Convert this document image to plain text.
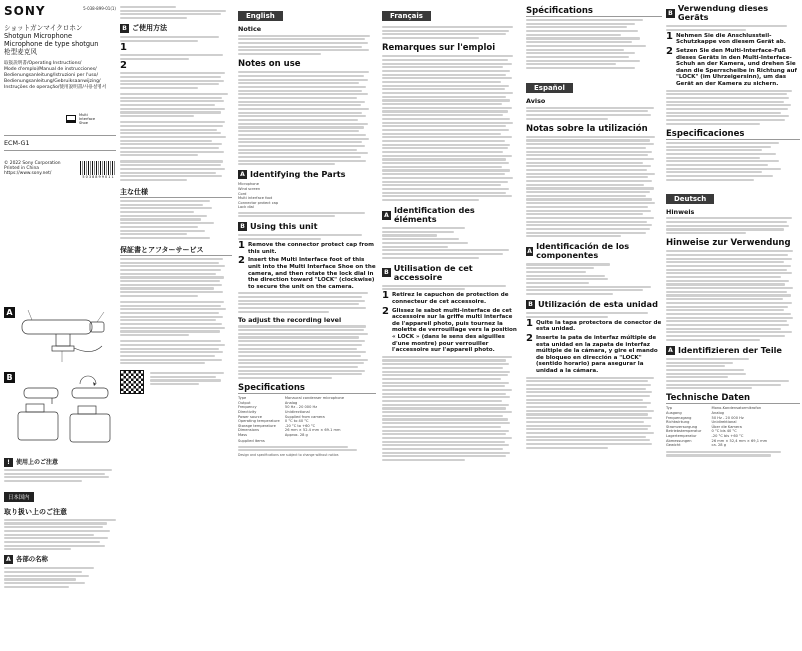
SONY	5-038-899-01(1)
ショットガンマイクロホン
Shotgun Microphone
Microphone de type shotgun
枪型麦克风
取扱説明書/Operating Instructions/
Mode d'emploi/Manual de instrucciones/
Bedienungsanleitung/Istruzioni per l'uso/
Bedienungsanleitung/Gebruiksaanwijzing/
Instruções de operação/使用說明書/사용설명서
Multi Interface Shoe
ECM-G1
© 2022 Sony Corporation
Printed in China
https://www.sony.net/
5 0 3 8 8 9 9 0 1 1
A
B
!	使用上のご注意
日本国内
取り扱い上のご注意
A 各部の名称
B ご使用方法
1
2
主な仕様
保証書とアフターサービス
English
Notice
Notes on use
A Identifying the Parts
Microphone
Wind screen
Cord
Multi interface foot
Connector protect cap
Lock dial
B Using this unit
1 Remove the connector protect cap from this unit.
2 Insert the Multi Interface foot of this unit into the Multi Interface Shoe on the camera, and then rotate the lock dial in the direction toward "LOCK" (clockwise) to secure the unit on the camera.
To adjust the recording level
Specifications
Type	Monaural condenser microphone
Output	Analog
Frequency	50 Hz - 20 000 Hz
Directivity	Unidirectional
Power source	Supplied from camera
Operating temperature	0 °C to 40 °C
Storage temperature	-20 °C to +60 °C
Dimensions	26 mm × 52.4 mm × 69.1 mm
Mass	Approx. 28 g
Supplied items
Design and specifications are subject to change without notice.
Français
Remarques sur l'emploi
A Identification des éléments
B Utilisation de cet accessoire
1 Retirez le capuchon de protection de connecteur de cet accessoire.
2 Glissez le sabot multi-interface de cet accessoire sur la griffe multi interface de l'appareil photo, puis tournez la molette de verrouillage vers la position « LOCK » (dans le sens des aiguilles d'une montre) pour verrouiller l'accessoire sur l'appareil photo.
Spécifications
Español
Aviso
Notas sobre la utilización
A Identificación de los componentes
B Utilización de esta unidad
1 Quite la tapa protectora de conector de esta unidad.
2 Inserte la pata de interfaz múltiple de esta unidad en la zapata de interfaz múltiple de la cámara, y gire el mando de bloqueo en dirección a "LOCK" (sentido horario) para asegurar la unidad a la cámara.
B Verwendung dieses Geräts
1 Nehmen Sie die Anschlussteil-Schutzkappe von diesem Gerät ab.
2 Setzen Sie den Multi-Interface-Fuß dieses Geräts in den Multi-Interface-Schuh an der Kamera, und drehen Sie dann die Sperrscheibe in Richtung auf "LOCK" (im Uhrzeigersinn), um das Gerät an der Kamera zu sichern.
Especificaciones
Deutsch
Hinweis
Hinweise zur Verwendung
A Identifizieren der Teile
Technische Daten
Typ	Mono-Kondensatormikrofon
Ausgang	Analog
Frequenzgang	50 Hz - 20 000 Hz
Richtwirkung	Unidirektional
Stromversorgung	Über die Kamera
Betriebstemperatur	0 °C bis 40 °C
Lagertemperatur	-20 °C bis +60 °C
Abmessungen	26 mm × 52,4 mm × 69,1 mm
Gewicht	ca. 28 g
